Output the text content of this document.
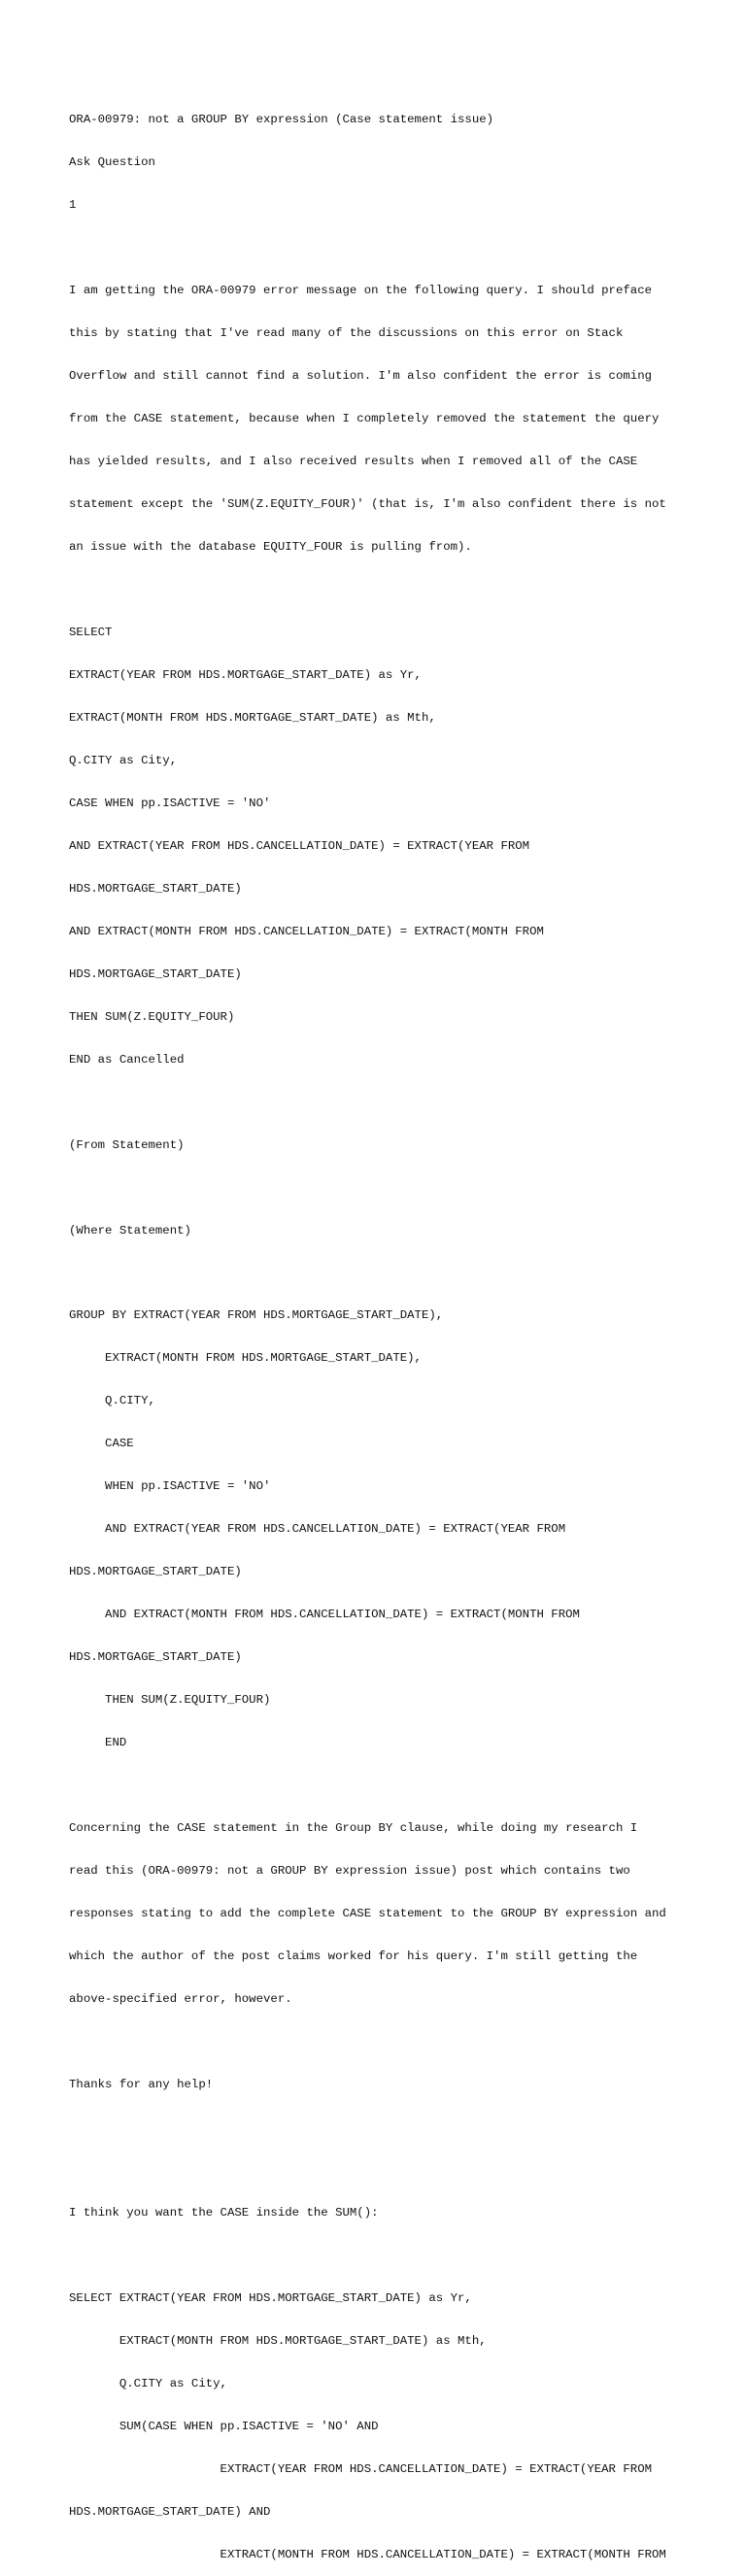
ORA-00979: not a GROUP BY expression (Case statement issue)

Ask Question

1

I am getting the ORA-00979 error message on the following query. I should preface

this by stating that I've read many of the discussions on this error on Stack

Overflow and still cannot find a solution. I'm also confident the error is coming

from the CASE statement, because when I completely removed the statement the query

has yielded results, and I also received results when I removed all of the CASE

statement except the 'SUM(Z.EQUITY_FOUR)' (that is, I'm also confident there is not

an issue with the database EQUITY_FOUR is pulling from).

SELECT

EXTRACT(YEAR FROM HDS.MORTGAGE_START_DATE) as Yr,

EXTRACT(MONTH FROM HDS.MORTGAGE_START_DATE) as Mth,

Q.CITY as City,

CASE WHEN pp.ISACTIVE = 'NO'

AND EXTRACT(YEAR FROM HDS.CANCELLATION_DATE) = EXTRACT(YEAR FROM

HDS.MORTGAGE_START_DATE)

AND EXTRACT(MONTH FROM HDS.CANCELLATION_DATE) = EXTRACT(MONTH FROM

HDS.MORTGAGE_START_DATE)

THEN SUM(Z.EQUITY_FOUR)

END as Cancelled

(From Statement)

(Where Statement)

GROUP BY EXTRACT(YEAR FROM HDS.MORTGAGE_START_DATE),

EXTRACT(MONTH FROM HDS.MORTGAGE_START_DATE),

Q.CITY,

CASE

WHEN pp.ISACTIVE = 'NO'

AND EXTRACT(YEAR FROM HDS.CANCELLATION_DATE) = EXTRACT(YEAR FROM

HDS.MORTGAGE_START_DATE)

AND EXTRACT(MONTH FROM HDS.CANCELLATION_DATE) = EXTRACT(MONTH FROM

HDS.MORTGAGE_START_DATE)

THEN SUM(Z.EQUITY_FOUR)

END

Concerning the CASE statement in the Group BY clause, while doing my research I

read this (ORA-00979: not a GROUP BY expression issue) post which contains two

responses stating to add the complete CASE statement to the GROUP BY expression and

which the author of the post claims worked for his query. I'm still getting the

above-specified error, however.

Thanks for any help!

I think you want the CASE inside the SUM():

SELECT EXTRACT(YEAR FROM HDS.MORTGAGE_START_DATE) as Yr,

EXTRACT(MONTH FROM HDS.MORTGAGE_START_DATE) as Mth,

Q.CITY as City,

SUM(CASE WHEN pp.ISACTIVE = 'NO' AND

EXTRACT(YEAR FROM HDS.CANCELLATION_DATE) = EXTRACT(YEAR FROM

HDS.MORTGAGE_START_DATE) AND

EXTRACT(MONTH FROM HDS.CANCELLATION_DATE) = EXTRACT(MONTH FROM
